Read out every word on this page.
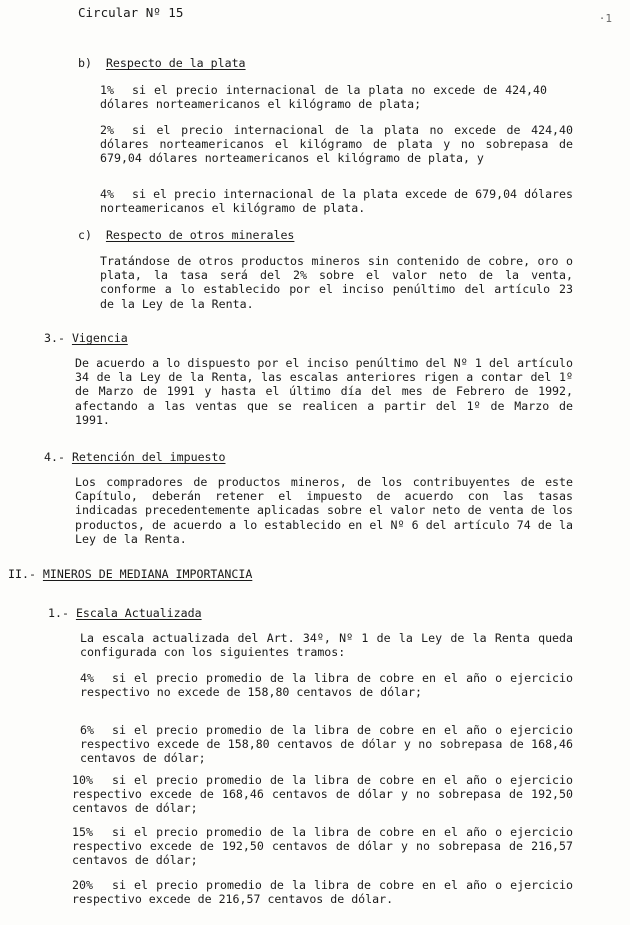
Circular Nº 15	·1
b) Respecto de la plata
1% si el precio internacional de la plata no excede de 424,40 dólares norteamericanos el kilógramo de plata;
2% si el precio internacional de la plata no excede de 424,40 dólares norteamericanos el kilógramo de plata y no sobrepasa de 679,04 dólares norteamericanos el kilógramo de plata, y
4% si el precio internacional de la plata excede de 679,04 dólares norteamericanos el kilógramo de plata.
c) Respecto de otros minerales
Tratándose de otros productos mineros sin contenido de cobre, oro o plata, la tasa será del 2% sobre el valor neto de la venta, conforme a lo establecido por el inciso penúltimo del artículo 23 de la Ley de la Renta.
3.- Vigencia
De acuerdo a lo dispuesto por el inciso penúltimo del Nº 1 del artículo 34 de la Ley de la Renta, las escalas anteriores rigen a contar del 1º de Marzo de 1991 y hasta el último día del mes de Febrero de 1992, afectando a las ventas que se realicen a partir del 1º de Marzo de 1991.
4.- Retención del impuesto
Los compradores de productos mineros, de los contribuyentes de este Capítulo, deberán retener el impuesto de acuerdo con las tasas indicadas precedentemente aplicadas sobre el valor neto de venta de los productos, de acuerdo a lo establecido en el Nº 6 del artículo 74 de la Ley de la Renta.
II.- MINEROS DE MEDIANA IMPORTANCIA
1.- Escala Actualizada
La escala actualizada del Art. 34º, Nº 1 de la Ley de la Renta queda configurada con los siguientes tramos:
4% si el precio promedio de la libra de cobre en el año o ejercicio respectivo no excede de 158,80 centavos de dólar;
6% si el precio promedio de la libra de cobre en el año o ejercicio respectivo excede de 158,80 centavos de dólar y no sobrepasa de 168,46 centavos de dólar;
10% si el precio promedio de la libra de cobre en el año o ejercicio respectivo excede de 168,46 centavos de dólar y no sobrepasa de 192,50 centavos de dólar;
15% si el precio promedio de la libra de cobre en el año o ejercicio respectivo excede de 192,50 centavos de dólar y no sobrepasa de 216,57 centavos de dólar;
20% si el precio promedio de la libra de cobre en el año o ejercicio respectivo excede de 216,57 centavos de dólar.
